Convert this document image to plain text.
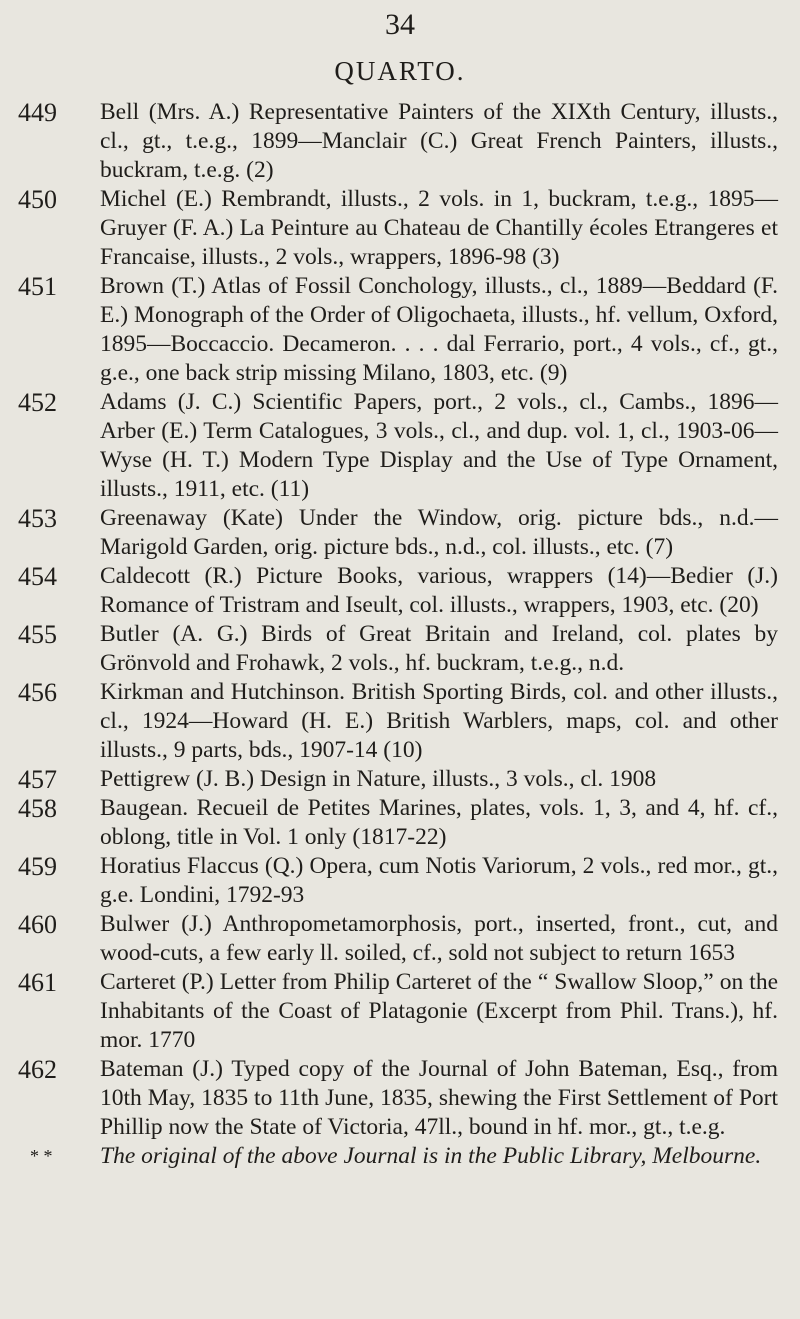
34
QUARTO.
449	Bell (Mrs. A.) Representative Painters of the XIXth Century, illusts., cl., gt., t.e.g., 1899—Manclair (C.) Great French Painters, illusts., buckram, t.e.g. (2)
450	Michel (E.) Rembrandt, illusts., 2 vols. in 1, buckram, t.e.g., 1895—Gruyer (F. A.) La Peinture au Chateau de Chantilly écoles Etrangeres et Francaise, illusts., 2 vols., wrappers, 1896-98 (3)
451	Brown (T.) Atlas of Fossil Conchology, illusts., cl., 1889—Beddard (F. E.) Monograph of the Order of Oligochaeta, illusts., hf. vellum, Oxford, 1895—Boccaccio. Decameron. . . . dal Ferrario, port., 4 vols., cf., gt., g.e., one back strip missing Milano, 1803, etc. (9)
452	Adams (J. C.) Scientific Papers, port., 2 vols., cl., Cambs., 1896—Arber (E.) Term Catalogues, 3 vols., cl., and dup. vol. 1, cl., 1903-06—Wyse (H. T.) Modern Type Display and the Use of Type Ornament, illusts., 1911, etc. (11)
453	Greenaway (Kate) Under the Window, orig. picture bds., n.d.—Marigold Garden, orig. picture bds., n.d., col. illusts., etc. (7)
454	Caldecott (R.) Picture Books, various, wrappers (14)—Bedier (J.) Romance of Tristram and Iseult, col. illusts., wrappers, 1903, etc. (20)
455	Butler (A. G.) Birds of Great Britain and Ireland, col. plates by Grönvold and Frohawk, 2 vols., hf. buckram, t.e.g., n.d.
456	Kirkman and Hutchinson. British Sporting Birds, col. and other illusts., cl., 1924—Howard (H. E.) British Warblers, maps, col. and other illusts., 9 parts, bds., 1907-14 (10)
457	Pettigrew (J. B.) Design in Nature, illusts., 3 vols., cl. 1908
458	Baugean. Recueil de Petites Marines, plates, vols. 1, 3, and 4, hf. cf., oblong, title in Vol. 1 only (1817-22)
459	Horatius Flaccus (Q.) Opera, cum Notis Variorum, 2 vols., red mor., gt., g.e. Londini, 1792-93
460	Bulwer (J.) Anthropometamorphosis, port., inserted, front., cut, and wood-cuts, a few early ll. soiled, cf., sold not subject to return 1653
461	Carteret (P.) Letter from Philip Carteret of the “ Swallow Sloop,” on the Inhabitants of the Coast of Platagonie (Excerpt from Phil. Trans.), hf. mor. 1770
462	Bateman (J.) Typed copy of the Journal of John Bateman, Esq., from 10th May, 1835 to 11th June, 1835, shewing the First Settlement of Port Phillip now the State of Victoria, 47ll., bound in hf. mor., gt., t.e.g.
* *	The original of the above Journal is in the Public Library, Melbourne.
